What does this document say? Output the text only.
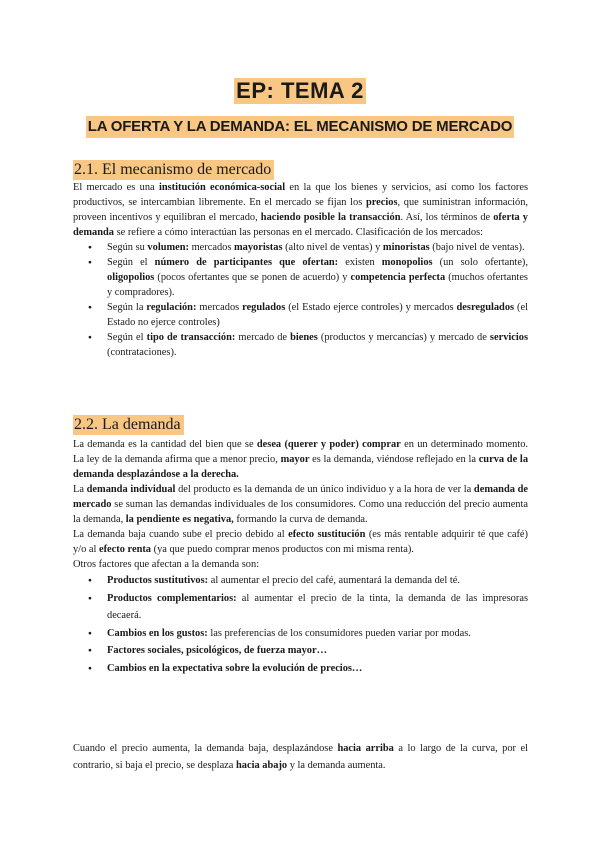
EP: TEMA 2
LA OFERTA Y LA DEMANDA: EL MECANISMO DE MERCADO
2.1. El mecanismo de mercado

El mercado es una institución económica-social en la que los bienes y servicios, así como los factores productivos, se intercambian libremente. En el mercado se fijan los precios, que suministran información, proveen incentivos y equilibran el mercado, haciendo posible la transacción. Así, los términos de oferta y demanda se refiere a cómo interactúan las personas en el mercado. Clasificación de los mercados:

● Según su volumen: mercados mayoristas (alto nivel de ventas) y minoristas (bajo nivel de ventas).
● Según el número de participantes que ofertan: existen monopolios (un solo ofertante), oligopolios (pocos ofertantes que se ponen de acuerdo) y competencia perfecta (muchos ofertantes y compradores).
● Según la regulación: mercados regulados (el Estado ejerce controles) y mercados desregulados (el Estado no ejerce controles)
● Según el tipo de transacción: mercado de bienes (productos y mercancías) y mercado de servicios (contrataciones).
2.2. La demanda

La demanda es la cantidad del bien que se desea (querer y poder) comprar en un determinado momento. La ley de la demanda afirma que a menor precio, mayor es la demanda, viéndose reflejado en la curva de la demanda desplazándose a la derecha.

La demanda individual del producto es la demanda de un único individuo y a la hora de ver la demanda de mercado se suman las demandas individuales de los consumidores. Como una reducción del precio aumenta la demanda, la pendiente es negativa, formando la curva de demanda.

La demanda baja cuando sube el precio debido al efecto sustitución (es más rentable adquirir té que café) y/o al efecto renta (ya que puedo comprar menos productos con mi misma renta).

Otros factores que afectan a la demanda son:

● Productos sustitutivos: al aumentar el precio del café, aumentará la demanda del té.
● Productos complementarios: al aumentar el precio de la tinta, la demanda de las impresoras decaerá.
● Cambios en los gustos: las preferencias de los consumidores pueden variar por modas.
● Factores sociales, psicológicos, de fuerza mayor…
● Cambios en la expectativa sobre la evolución de precios…

Cuando el precio aumenta, la demanda baja, desplazándose hacia arriba a lo largo de la curva, por el contrario, si baja el precio, se desplaza hacia abajo y la demanda aumenta.
